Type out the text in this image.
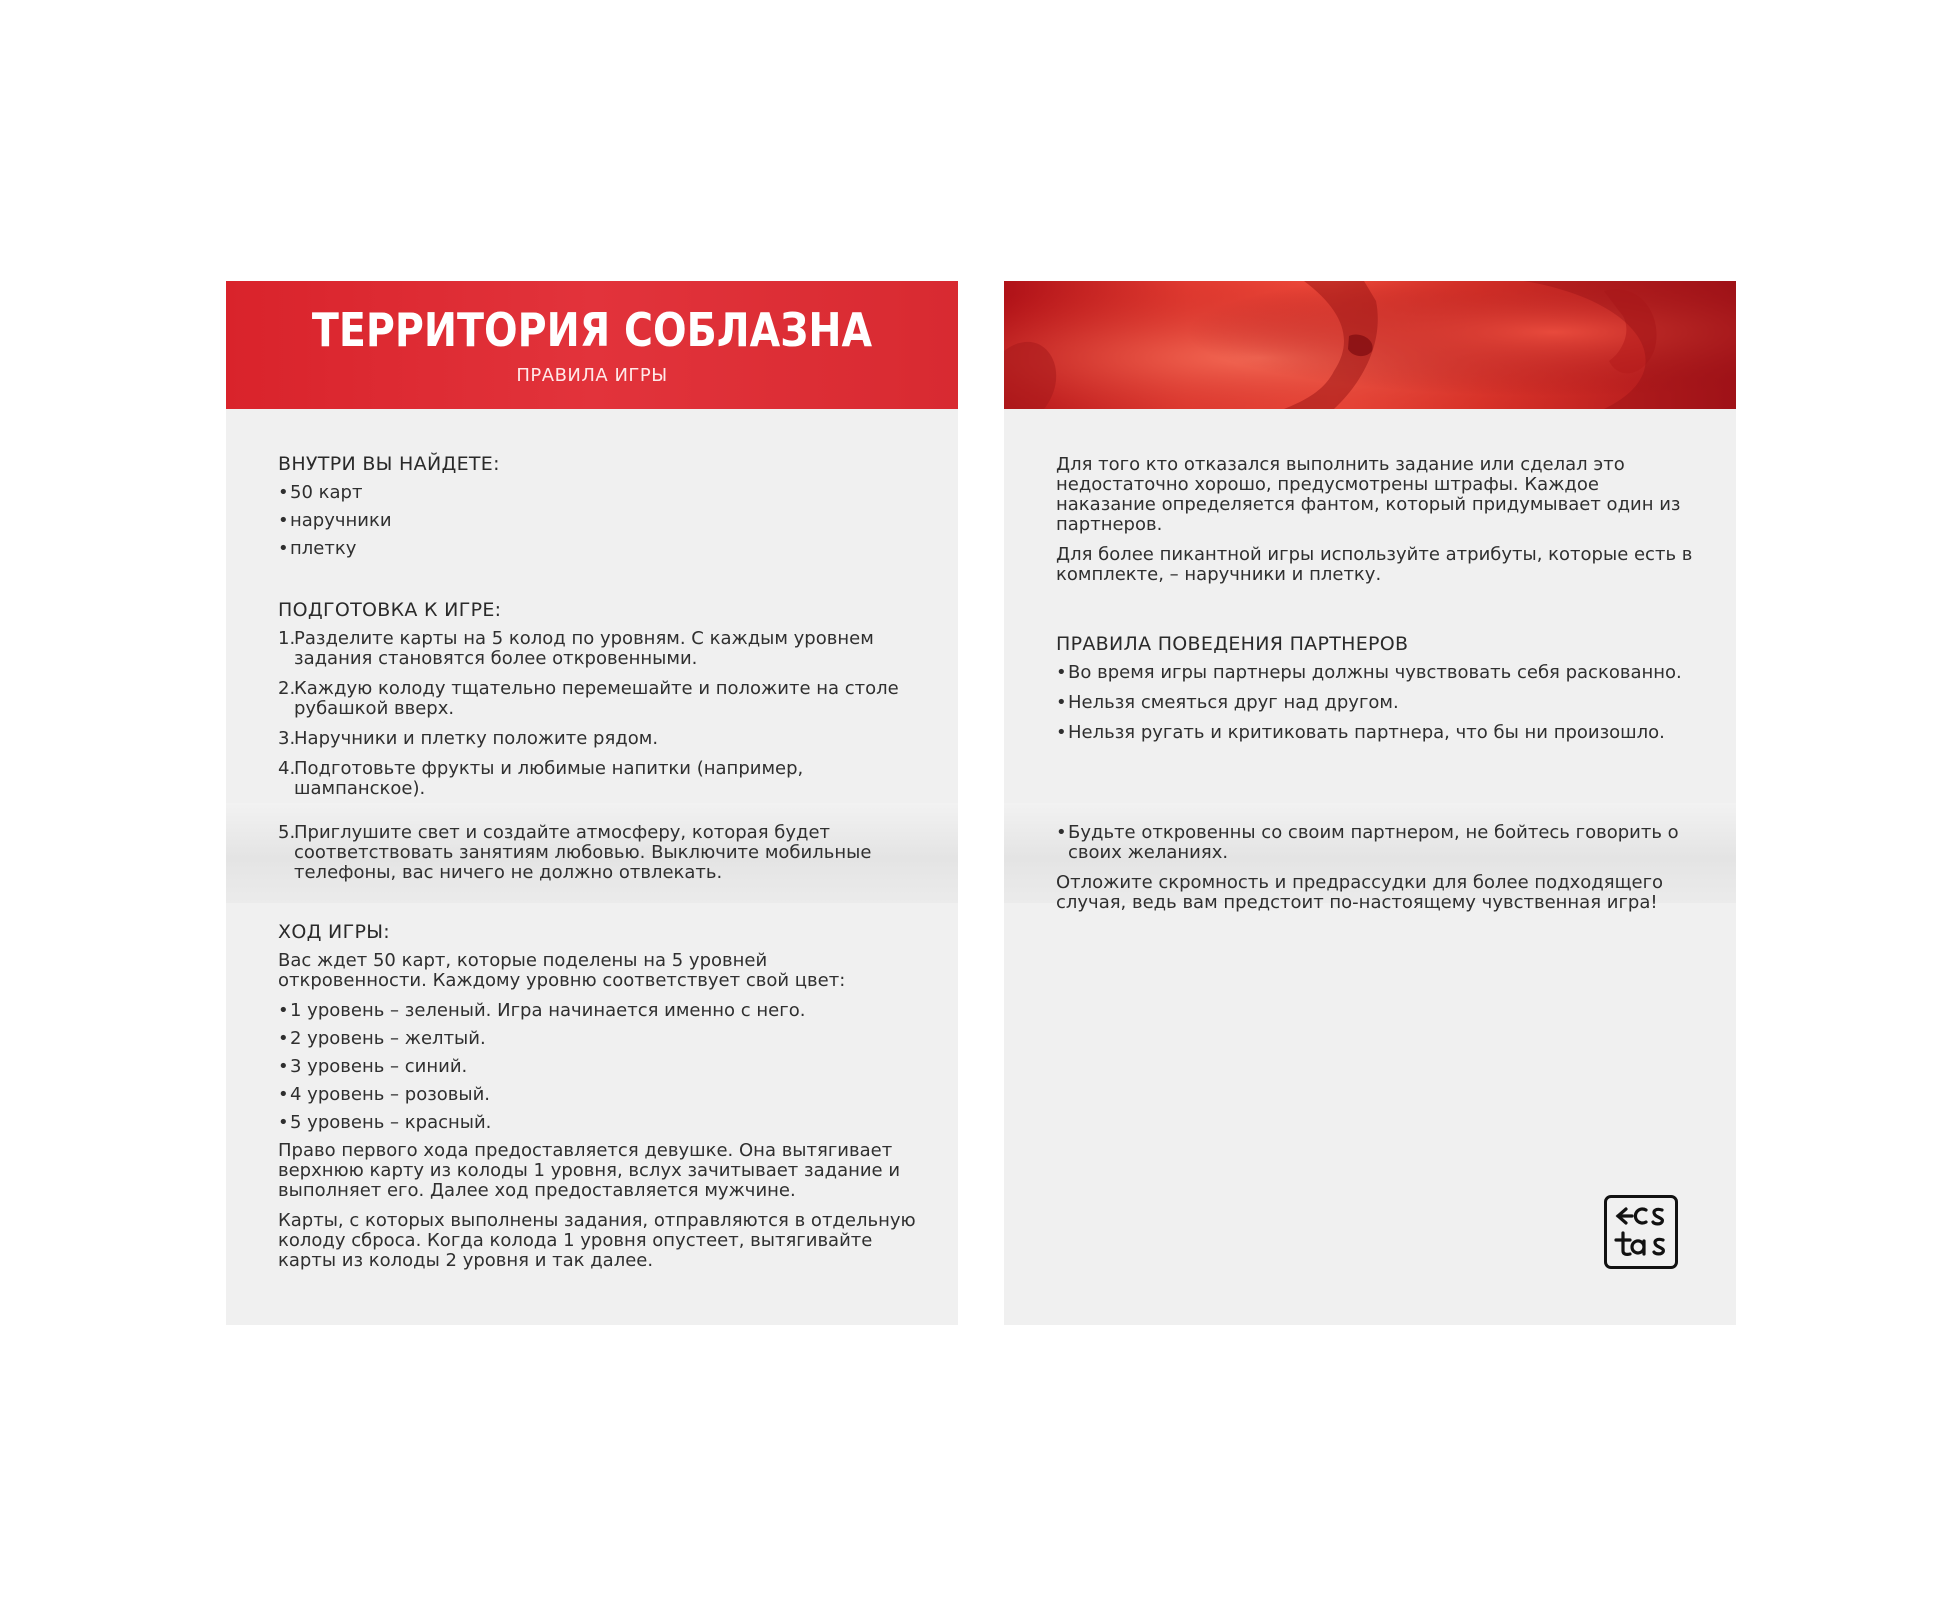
ТЕРРИТОРИЯ СОБЛАЗНА
ПРАВИЛА ИГРЫ
ВНУТРИ ВЫ НАЙДЕТЕ:
• 50 карт
• наручники
• плетку
ПОДГОТОВКА К ИГРЕ:
1.
Разделите карты на 5 колод по уровням. С каждым уровнем задания становятся более откровенными.
2.
Каждую колоду тщательно перемешайте и положите на столе рубашкой вверх.
3.
Наручники и плетку положите рядом.
4.
Подготовьте фрукты и любимые напитки (например, шампанское).
5.
Приглушите свет и создайте атмосферу, которая будет соответствовать занятиям любовью. Выключите мобильные телефоны, вас ничего не должно отвлекать.
ХОД ИГРЫ:
Вас ждет 50 карт, которые поделены на 5 уровней откровенности. Каждому уровню соответствует свой цвет:
• 1 уровень – зеленый. Игра начинается именно с него.
• 2 уровень – желтый.
• 3 уровень – синий.
• 4 уровень – розовый.
• 5 уровень – красный.
Право первого хода предоставляется девушке. Она вытягивает верхнюю карту из колоды 1 уровня, вслух зачитывает задание и выполняет его. Далее ход предоставляется мужчине.
Карты, с которых выполнены задания, отправляются в отдельную колоду сброса. Когда колода 1 уровня опустеет, вытягивайте карты из колоды 2 уровня и так далее.
Для того кто отказался выполнить задание или сделал это недостаточно хорошо, предусмотрены штрафы. Каждое наказание определяется фантом, который придумывает один из партнеров.
Для более пикантной игры используйте атрибуты, которые есть в комплекте, – наручники и плетку.
ПРАВИЛА ПОВЕДЕНИЯ ПАРТНЕРОВ
• Во время игры партнеры должны чувствовать себя раскованно.
• Нельзя смеяться друг над другом.
• Нельзя ругать и критиковать партнера, что бы ни произошло.
• Будьте откровенны со своим партнером, не бойтесь говорить о своих желаниях.
Отложите скромность и предрассудки для более подходящего случая, ведь вам предстоит по-настоящему чувственная игра!
